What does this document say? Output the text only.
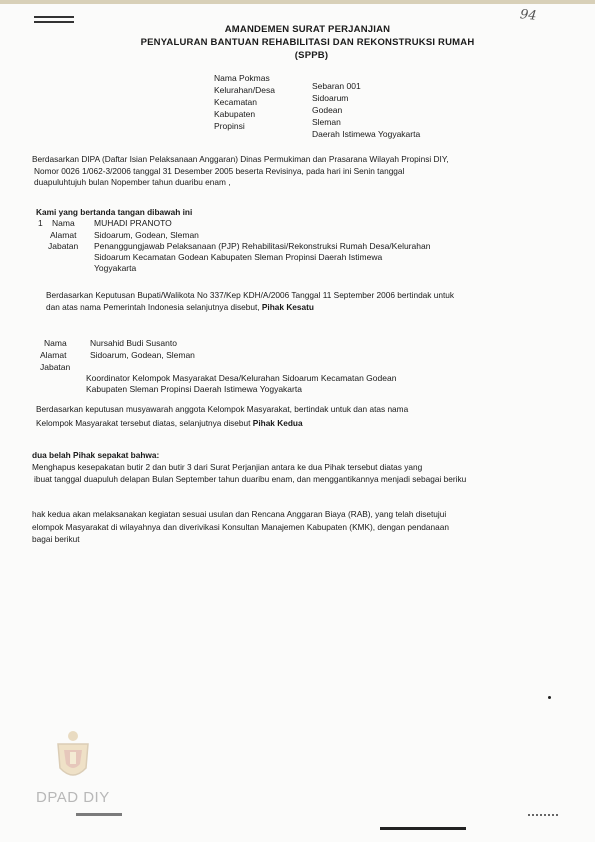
94
AMANDEMEN SURAT PERJANJIAN
PENYALURAN BANTUAN REHABILITASI DAN REKONSTRUKSI RUMAH
(SPPB)
Nama Pokmas
Kelurahan/Desa
Kecamatan
Kabupaten
Propinsi
Sebaran 001
Sidoarum
Godean
Sleman
Daerah Istimewa Yogyakarta
Berdasarkan DIPA (Daftar Isian Pelaksanaan Anggaran) Dinas Permukiman dan Prasarana Wilayah Propinsi DIY,
Nomor 0026 1/062-3/2006 tanggal 31 Desember 2005 beserta Revisinya, pada hari ini Senin tanggal
duapuluhtujuh bulan Nopember tahun duaribu enam ,
Kami yang bertanda tangan dibawah ini
1 Nama MUHADI PRANOTO
Alamat Sidoarum, Godean, Sleman
Jabatan Penanggungjawab Pelaksanaan (PJP) Rehabilitasi/Rekonstruksi Rumah Desa/Kelurahan
Sidoarum Kecamatan Godean Kabupaten Sleman Propinsi Daerah Istimewa
Yogyakarta
Berdasarkan Keputusan Bupati/Walikota No 337/Kep KDH/A/2006 Tanggal 11 September 2006 bertindak untuk
dan atas nama Pemerintah Indonesia selanjutnya disebut, Pihak Kesatu
Nama	Nursahid Budi Susanto
Alamat	Sidoarum, Godean, Sleman
Jabatan
Koordinator Kelompok Masyarakat Desa/Kelurahan Sidoarum Kecamatan Godean
Kabupaten Sleman Propinsi Daerah Istimewa Yogyakarta
Berdasarkan keputusan musyawarah anggota Kelompok Masyarakat, bertindak untuk dan atas nama
Kelompok Masyarakat tersebut diatas, selanjutnya disebut Pihak Kedua
dua belah Pihak sepakat bahwa:
Menghapus kesepakatan butir 2 dan butir 3 dari Surat Perjanjian antara ke dua Pihak tersebut diatas yang
ibuat tanggal duapuluh delapan Bulan September tahun duaribu enam, dan menggantikannya menjadi sebagai beriku
hak kedua akan melaksanakan kegiatan sesuai usulan dan Rencana Anggaran Biaya (RAB), yang telah disetujui
elompok Masyarakat di wilayahnya dan diverivikasi Konsultan Manajemen Kabupaten (KMK), dengan pendanaan
bagai berikut
DPAD DIY
